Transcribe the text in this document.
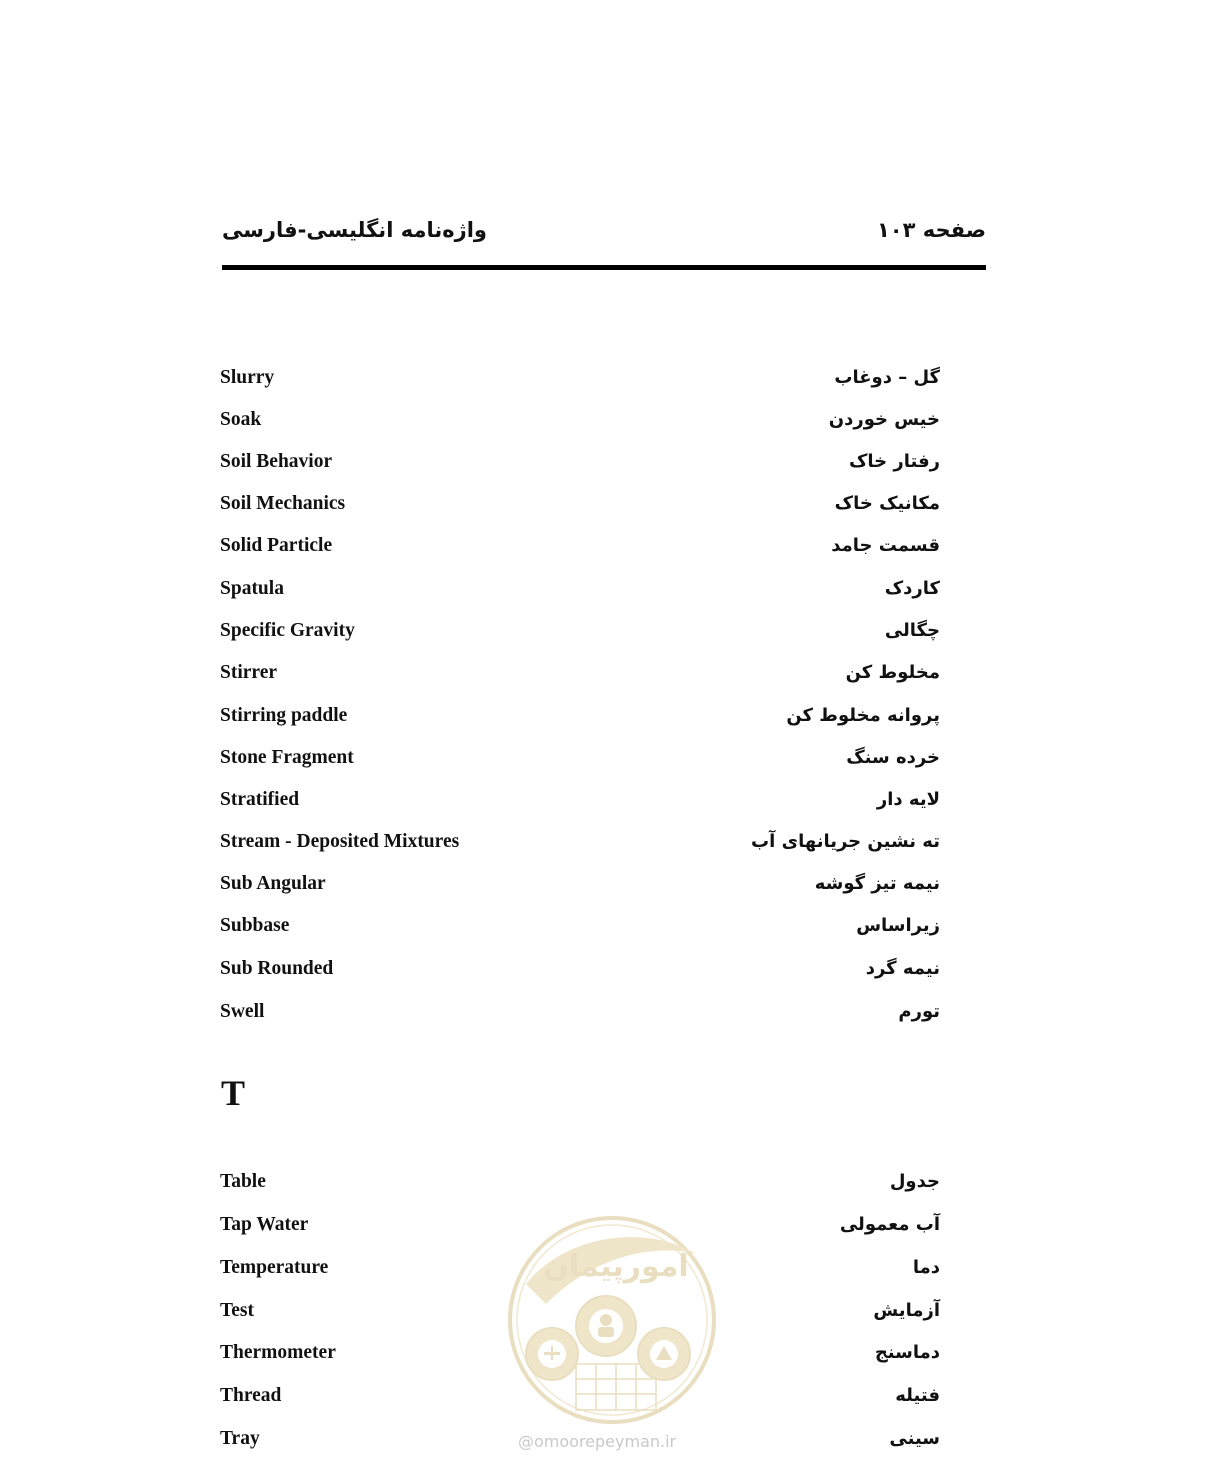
واژه‌نامه انگلیسی-فارسی	صفحه ۱۰۳
Slurry	گل – دوغاب
Soak	خیس خوردن
Soil Behavior	رفتار خاک
Soil Mechanics	مکانیک خاک
Solid Particle	قسمت جامد
Spatula	کاردک
Specific Gravity	چگالی
Stirrer	مخلوط کن
Stirring paddle	پروانه مخلوط کن
Stone Fragment	خرده سنگ
Stratified	لایه دار
Stream - Deposited Mixtures	ته نشین جریانهای آب
Sub Angular	نیمه تیز گوشه
Subbase	زیراساس
Sub Rounded	نیمه گرد
Swell	تورم
T
Table	جدول
Tap Water	آب معمولی
Temperature	دما
Test	آزمایش
Thermometer	دماسنج
Thread	فتیله
Tray	سینی
امورپیمان
@omoorepeyman.ir
